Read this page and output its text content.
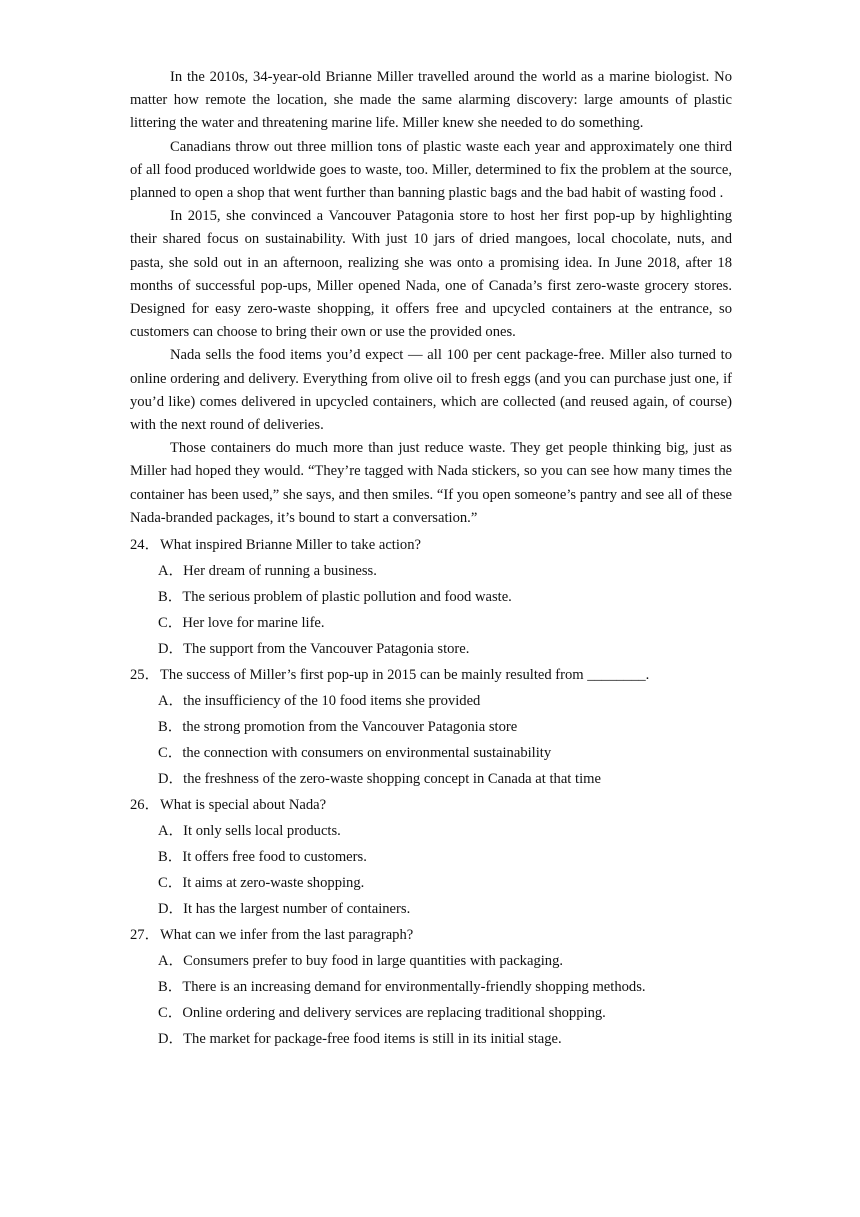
In the 2010s, 34-year-old Brianne Miller travelled around the world as a marine biologist. No matter how remote the location, she made the same alarming discovery: large amounts of plastic littering the water and threatening marine life. Miller knew she needed to do something.

Canadians throw out three million tons of plastic waste each year and approximately one third of all food produced worldwide goes to waste, too. Miller, determined to fix the problem at the source, planned to open a shop that went further than banning plastic bags and the bad habit of wasting food .

In 2015, she convinced a Vancouver Patagonia store to host her first pop-up by highlighting their shared focus on sustainability. With just 10 jars of dried mangoes, local chocolate, nuts, and pasta, she sold out in an afternoon, realizing she was onto a promising idea. In June 2018, after 18 months of successful pop-ups, Miller opened Nada, one of Canada’s first zero-waste grocery stores. Designed for easy zero-waste shopping, it offers free and upcycled containers at the entrance, so customers can choose to bring their own or use the provided ones.

Nada sells the food items you’d expect — all 100 per cent package-free. Miller also turned to online ordering and delivery. Everything from olive oil to fresh eggs (and you can purchase just one, if you’d like) comes delivered in upcycled containers, which are collected (and reused again, of course) with the next round of deliveries.

Those containers do much more than just reduce waste. They get people thinking big, just as Miller had hoped they would. “They’re tagged with Nada stickers, so you can see how many times the container has been used,” she says, and then smiles. “If you open someone’s pantry and see all of these Nada-branded packages, it’s bound to start a conversation.”

24．What inspired Brianne Miller to take action?

A．Her dream of running a business.

B．The serious problem of plastic pollution and food waste.

C．Her love for marine life.

D．The support from the Vancouver Patagonia store.

25．The success of Miller’s first pop-up in 2015 can be mainly resulted from ________.

A．the insufficiency of the 10 food items she provided

B．the strong promotion from the Vancouver Patagonia store

C．the connection with consumers on environmental sustainability

D．the freshness of the zero-waste shopping concept in Canada at that time

26．What is special about Nada?

A．It only sells local products.

B．It offers free food to customers.

C．It aims at zero-waste shopping.

D．It has the largest number of containers.

27．What can we infer from the last paragraph?

A．Consumers prefer to buy food in large quantities with packaging.

B．There is an increasing demand for environmentally-friendly shopping methods.

C．Online ordering and delivery services are replacing traditional shopping.

D．The market for package-free food items is still in its initial stage.
